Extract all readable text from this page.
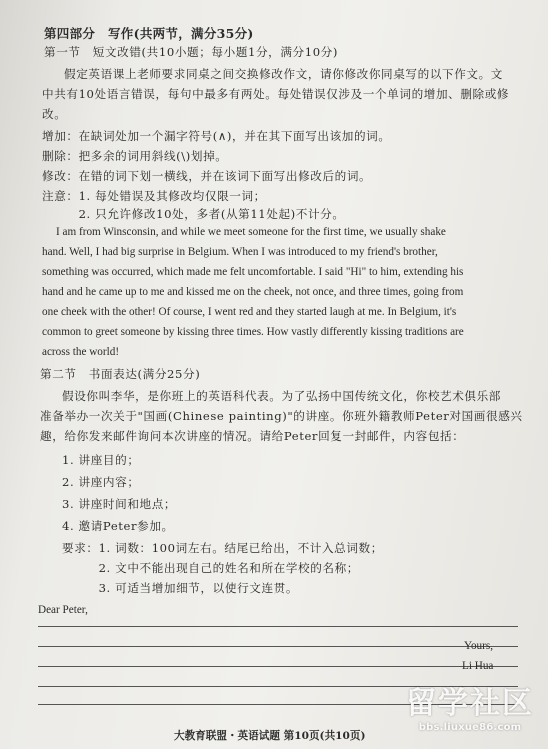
第四部分　写作(共两节，满分35分)
第一节　短文改错(共10小题；每小题1分，满分10分)
假定英语课上老师要求同桌之间交换修改作文，请你修改你同桌写的以下作文。文
中共有10处语言错误，每句中最多有两处。每处错误仅涉及一个单词的增加、删除或修
改。
增加：在缺词处加一个漏字符号(∧)，并在其下面写出该加的词。
删除：把多余的词用斜线(\)划掉。
修改：在错的词下划一横线，并在该词下面写出修改后的词。
注意：1. 每处错误及其修改均仅限一词；
　　　2. 只允许修改10处，多者(从第11处起)不计分。
I am from Winsconsin, and while we meet someone for the first time, we usually shake
hand. Well, I had big surprise in Belgium. When I was introduced to my friend's brother,
something was occurred, which made me felt uncomfortable. I said "Hi" to him, extending his
hand and he came up to me and kissed me on the cheek, not once, and three times, going from
one cheek with the other! Of course, I went red and they started laugh at me. In Belgium, it's
common to greet someone by kissing three times. How vastly differently kissing traditions are
across the world!
第二节　书面表达(满分25分)
假设你叫李华，是你班上的英语科代表。为了弘扬中国传统文化，你校艺术俱乐部
准备举办一次关于"国画(Chinese painting)"的讲座。你班外籍教师Peter对国画很感兴
趣，给你发来邮件询问本次讲座的情况。请给Peter回复一封邮件，内容包括：
1. 讲座目的；
2. 讲座内容；
3. 讲座时间和地点；
4. 邀请Peter参加。
要求：1. 词数：100词左右。结尾已给出，不计入总词数；
　　　2. 文中不能出现自己的姓名和所在学校的名称；
　　　3. 可适当增加细节，以使行文连贯。
Dear Peter,
Yours,
Li Hua
大教育联盟・英语试题 第10页(共10页)
留学社区
bbs.liuxue86.com
